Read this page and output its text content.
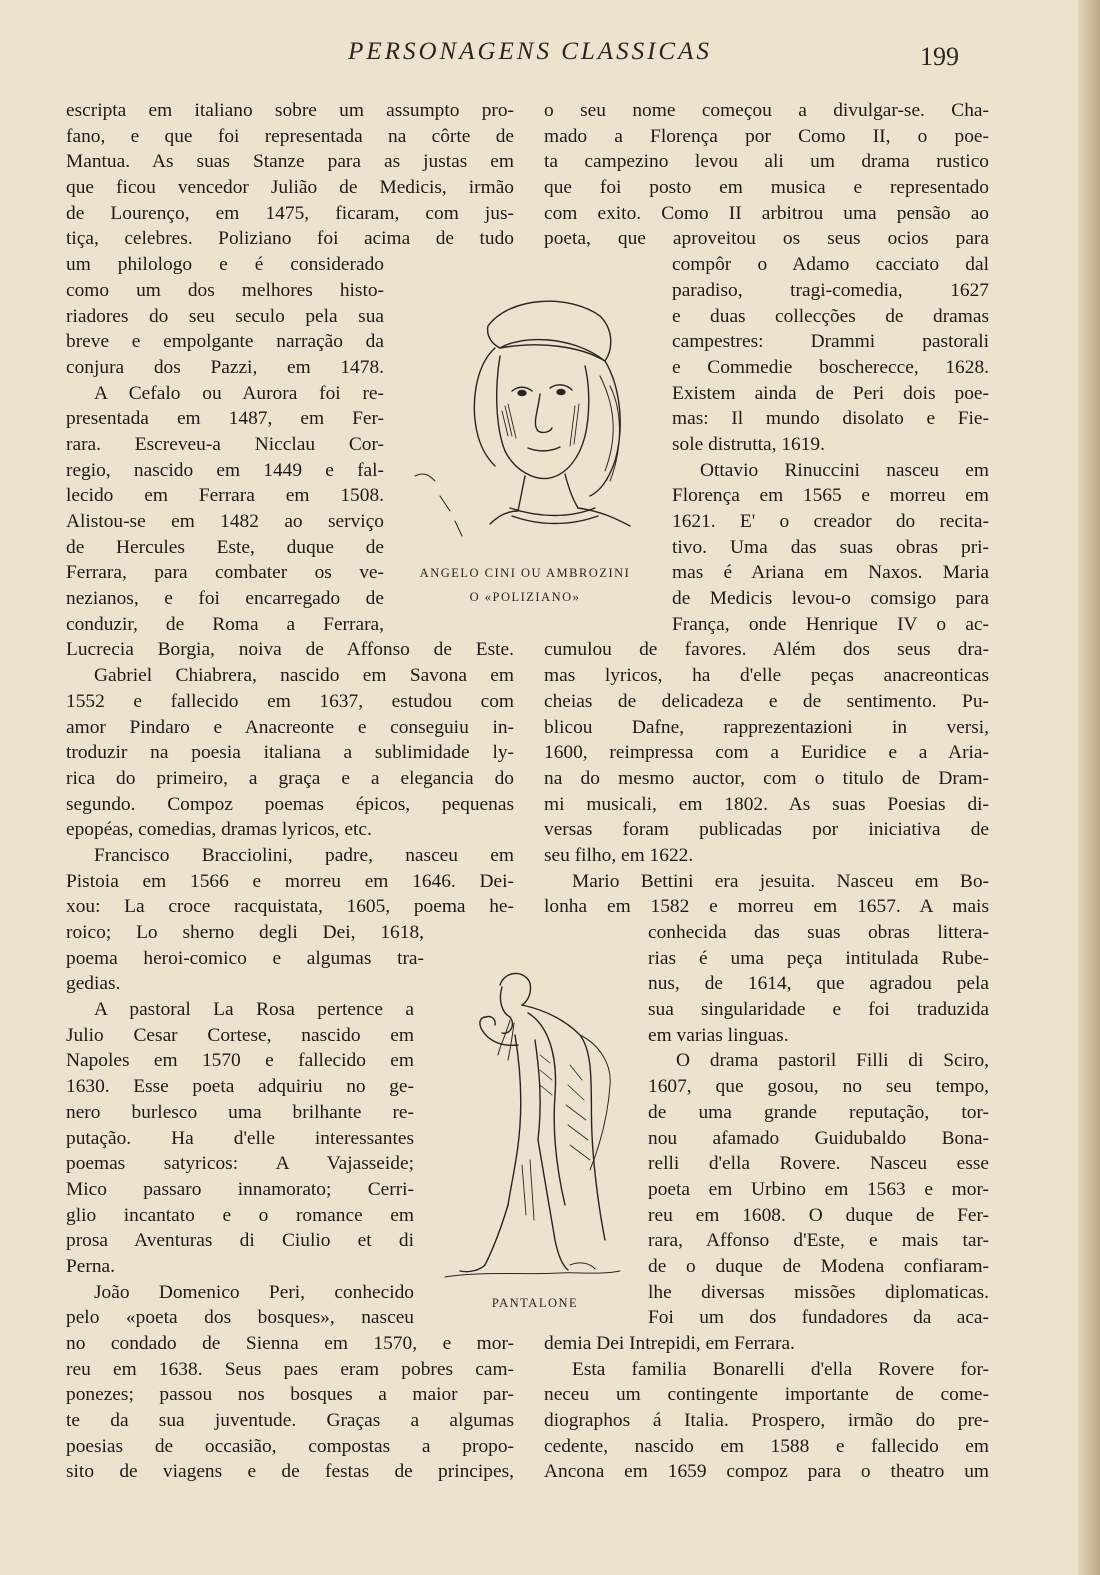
PERSONAGENS CLASSICAS	199
escripta em italiano sobre um assumpto pro-
fano, e que foi representada na côrte de
Mantua. As suas Stanze para as justas em
que ficou vencedor Julião de Medicis, irmão
de Lourenço, em 1475, ficaram, com jus-
tiça, celebres. Poliziano foi acima de tudo
um philologo e é considerado
como um dos melhores histo-
riadores do seu seculo pela sua
breve e empolgante narração da
conjura dos Pazzi, em 1478.
A Cefalo ou Aurora foi re-
presentada em 1487, em Fer-
rara. Escreveu-a Nicclau Cor-
regio, nascido em 1449 e fal-
lecido em Ferrara em 1508.
Alistou-se em 1482 ao serviço
de Hercules Este, duque de
Ferrara, para combater os ve-
nezianos, e foi encarregado de
conduzir, de Roma a Ferrara,
Lucrecia Borgia, noiva de Affonso de Este.
Gabriel Chiabrera, nascido em Savona em
1552 e fallecido em 1637, estudou com
amor Pindaro e Anacreonte e conseguiu in-
troduzir na poesia italiana a sublimidade ly-
rica do primeiro, a graça e a elegancia do
segundo. Compoz poemas épicos, pequenas
epopéas, comedias, dramas lyricos, etc.
Francisco Bracciolini, padre, nasceu em
Pistoia em 1566 e morreu em 1646. Dei-
xou: La croce racquistata, 1605, poema he-
roico; Lo sherno degli Dei, 1618,
poema heroi-comico e algumas tra-
gedias.
A pastoral La Rosa pertence a
Julio Cesar Cortese, nascido em
Napoles em 1570 e fallecido em
1630. Esse poeta adquiriu no ge-
nero burlesco uma brilhante re-
putação. Ha d'elle interessantes
poemas satyricos: A Vajasseide;
Mico passaro innamorato; Cerri-
glio incantato e o romance em
prosa Aventuras di Ciulio et di
Perna.
João Domenico Peri, conhecido
pelo «poeta dos bosques», nasceu
no condado de Sienna em 1570, e mor-
reu em 1638. Seus paes eram pobres cam-
ponezes; passou nos bosques a maior par-
te da sua juventude. Graças a algumas
poesias de occasião, compostas a propo-
sito de viagens e de festas de principes,
o seu nome começou a divulgar-se. Cha-
mado a Florença por Como II, o poe-
ta campezino levou ali um drama rustico
que foi posto em musica e representado
com exito. Como II arbitrou uma pensão ao
poeta, que aproveitou os seus ocios para
compôr o Adamo cacciato dal
paradiso, tragi-comedia, 1627
e duas collecções de dramas
campestres: Drammi pastorali
e Commedie boscherecce, 1628.
Existem ainda de Peri dois poe-
mas: Il mundo disolato e Fie-
sole distrutta, 1619.
Ottavio Rinuccini nasceu em
Florença em 1565 e morreu em
1621. E' o creador do recita-
tivo. Uma das suas obras pri-
mas é Ariana em Naxos. Maria
de Medicis levou-o comsigo para
França, onde Henrique IV o ac-
cumulou de favores. Além dos seus dra-
mas lyricos, ha d'elle peças anacreonticas
cheias de delicadeza e de sentimento. Pu-
blicou Dafne, rappreƶentaƶioni in versi,
1600, reimpressa com a Euridice e a Aria-
na do mesmo auctor, com o titulo de Dram-
mi musicali, em 1802. As suas Poesias di-
versas foram publicadas por iniciativa de
seu filho, em 1622.
Mario Bettini era jesuita. Nasceu em Bo-
lonha em 1582 e morreu em 1657. A mais
conhecida das suas obras littera-
rias é uma peça intitulada Rube-
nus, de 1614, que agradou pela
sua singularidade e foi traduzida
em varias linguas.
O drama pastoril Filli di Sciro,
1607, que gosou, no seu tempo,
de uma grande reputação, tor-
nou afamado Guidubaldo Bona-
relli d'ella Rovere. Nasceu esse
poeta em Urbino em 1563 e mor-
reu em 1608. O duque de Fer-
rara, Affonso d'Este, e mais tar-
de o duque de Modena confiaram-
lhe diversas missões diplomaticas.
Foi um dos fundadores da aca-
demia Dei Intrepidi, em Ferrara.
Esta familia Bonarelli d'ella Rovere for-
neceu um contingente importante de come-
diographos á Italia. Prospero, irmão do pre-
cedente, nascido em 1588 e fallecido em
Ancona em 1659 compoz para o theatro um
ANGELO CINI OU AMBROZINI
O «POLIZIANO»
PANTALONE
